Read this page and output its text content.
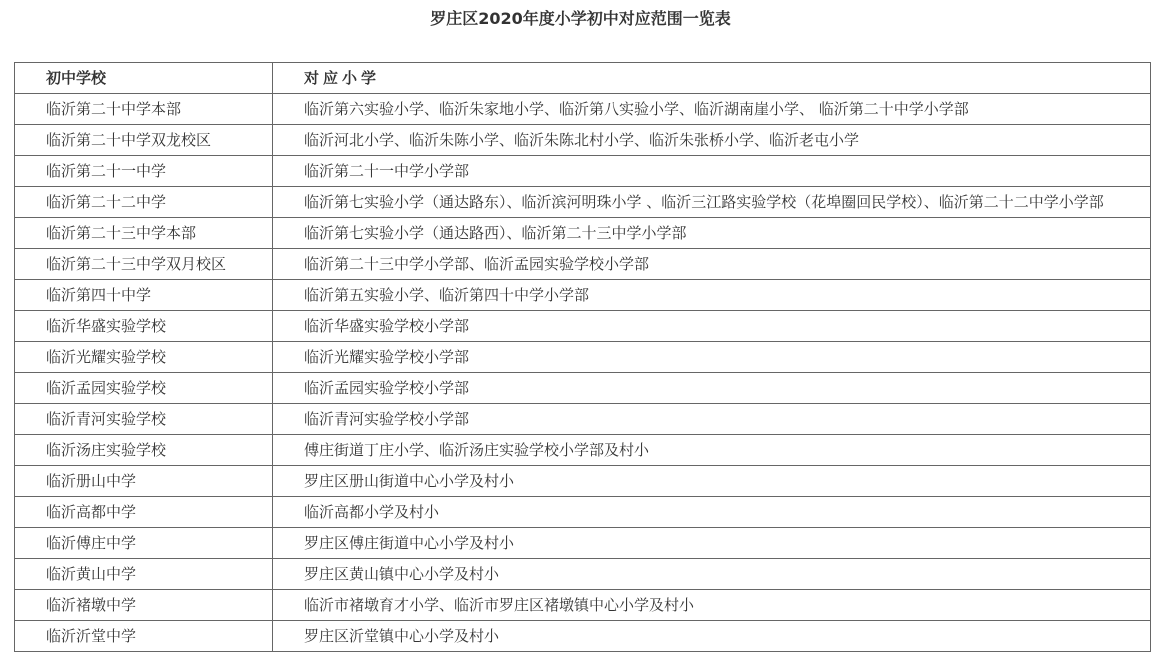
罗庄区2020年度小学初中对应范围一览表
初中学校	对应小学
临沂第二十中学本部	临沂第六实验小学、临沂朱家地小学、临沂第八实验小学、临沂湖南崖小学、 临沂第二十中学小学部
临沂第二十中学双龙校区	临沂河北小学、临沂朱陈小学、临沂朱陈北村小学、临沂朱张桥小学、临沂老屯小学
临沂第二十一中学	临沂第二十一中学小学部
临沂第二十二中学	临沂第七实验小学（通达路东）、临沂滨河明珠小学 、临沂三江路实验学校（花埠圈回民学校）、临沂第二十二中学小学部
临沂第二十三中学本部	临沂第七实验小学（通达路西）、临沂第二十三中学小学部
临沂第二十三中学双月校区	临沂第二十三中学小学部、临沂孟园实验学校小学部
临沂第四十中学	临沂第五实验小学、临沂第四十中学小学部
临沂华盛实验学校	临沂华盛实验学校小学部
临沂光耀实验学校	临沂光耀实验学校小学部
临沂孟园实验学校	临沂孟园实验学校小学部
临沂青河实验学校	临沂青河实验学校小学部
临沂汤庄实验学校	傅庄街道丁庄小学、临沂汤庄实验学校小学部及村小
临沂册山中学	罗庄区册山街道中心小学及村小
临沂高都中学	临沂高都小学及村小
临沂傅庄中学	罗庄区傅庄街道中心小学及村小
临沂黄山中学	罗庄区黄山镇中心小学及村小
临沂褚墩中学	临沂市褚墩育才小学、临沂市罗庄区褚墩镇中心小学及村小
临沂沂堂中学	罗庄区沂堂镇中心小学及村小
